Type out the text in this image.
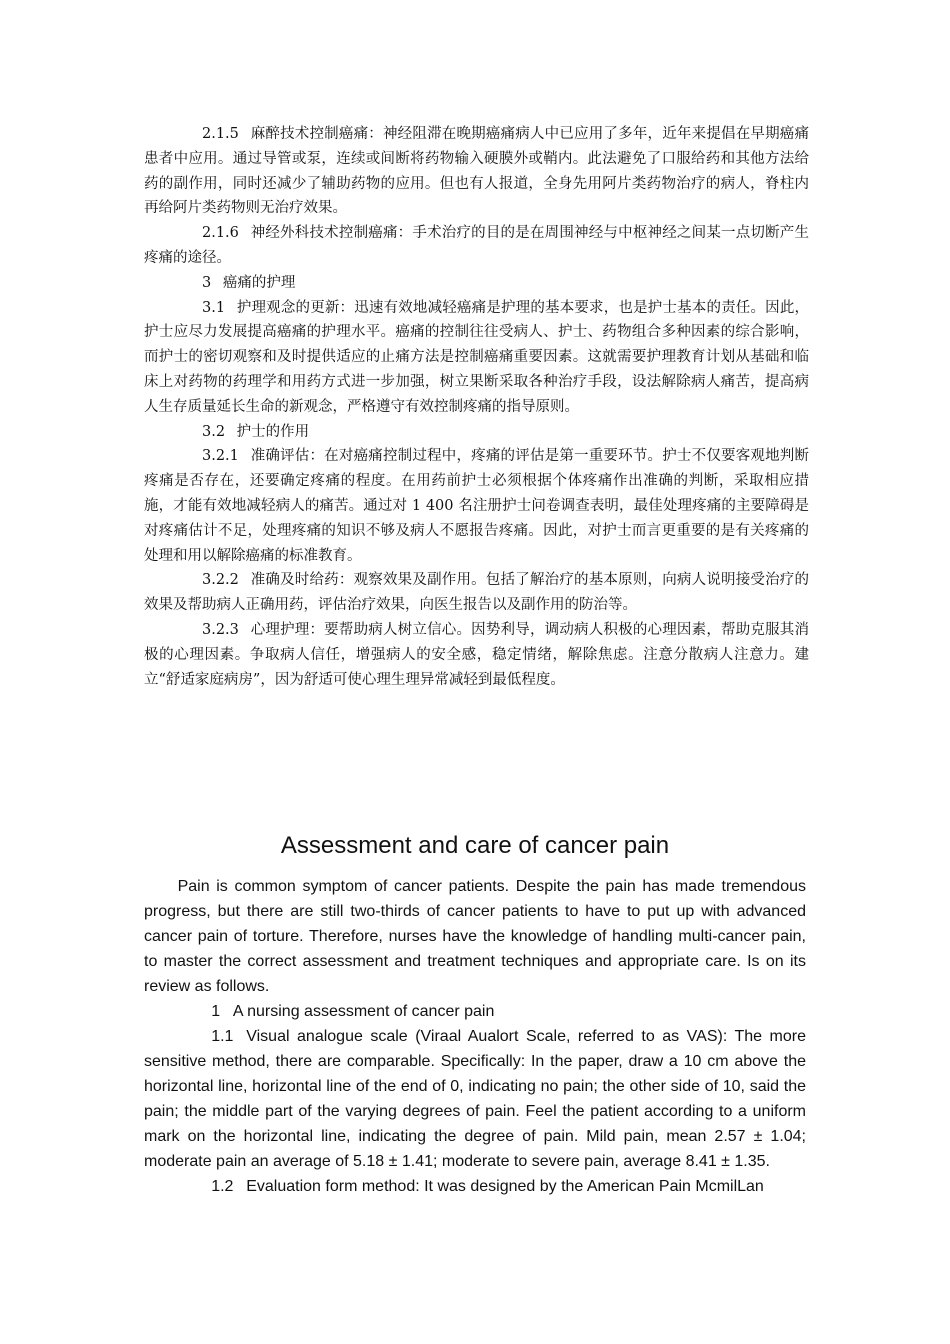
2.1.5 麻醉技术控制癌痛：神经阻滞在晚期癌痛病人中已应用了多年，近年来提倡在早期癌痛患者中应用。通过导管或泵，连续或间断将药物输入硬膜外或鞘内。此法避免了口服给药和其他方法给药的副作用，同时还减少了辅助药物的应用。但也有人报道，全身先用阿片类药物治疗的病人，脊柱内再给阿片类药物则无治疗效果。

2.1.6 神经外科技术控制癌痛：手术治疗的目的是在周围神经与中枢神经之间某一点切断产生疼痛的途径。

3 癌痛的护理

3.1 护理观念的更新：迅速有效地减轻癌痛是护理的基本要求，也是护士基本的责任。因此，护士应尽力发展提高癌痛的护理水平。癌痛的控制往往受病人、护士、药物组合多种因素的综合影响，而护士的密切观察和及时提供适应的止痛方法是控制癌痛重要因素。这就需要护理教育计划从基础和临床上对药物的药理学和用药方式进一步加强，树立果断采取各种治疗手段，设法解除病人痛苦，提高病人生存质量延长生命的新观念，严格遵守有效控制疼痛的指导原则。

3.2 护士的作用

3.2.1 准确评估：在对癌痛控制过程中，疼痛的评估是第一重要环节。护士不仅要客观地判断疼痛是否存在，还要确定疼痛的程度。在用药前护士必须根据个体疼痛作出准确的判断，采取相应措施，才能有效地减轻病人的痛苦。通过对 1 400 名注册护士问卷调查表明，最佳处理疼痛的主要障碍是对疼痛估计不足，处理疼痛的知识不够及病人不愿报告疼痛。因此，对护士而言更重要的是有关疼痛的处理和用以解除癌痛的标准教育。

3.2.2 准确及时给药：观察效果及副作用。包括了解治疗的基本原则，向病人说明接受治疗的效果及帮助病人正确用药，评估治疗效果，向医生报告以及副作用的防治等。

3.2.3 心理护理：要帮助病人树立信心。因势利导，调动病人积极的心理因素，帮助克服其消极的心理因素。争取病人信任，增强病人的安全感，稳定情绪，解除焦虑。注意分散病人注意力。建立“舒适家庭病房”，因为舒适可使心理生理异常减轻到最低程度。

Assessment and care of cancer pain

Pain is common symptom of cancer patients. Despite the pain has made tremendous progress, but there are still two-thirds of cancer patients to have to put up with advanced cancer pain of torture. Therefore, nurses have the knowledge of handling multi-cancer pain, to master the correct assessment and treatment techniques and appropriate care. Is on its review as follows.

1 A nursing assessment of cancer pain

1.1 Visual analogue scale (Viraal Aualort Scale, referred to as VAS): The more sensitive method, there are comparable. Specifically: In the paper, draw a 10 cm above the horizontal line, horizontal line of the end of 0, indicating no pain; the other side of 10, said the pain; the middle part of the varying degrees of pain. Feel the patient according to a uniform mark on the horizontal line, indicating the degree of pain. Mild pain, mean 2.57 ± 1.04; moderate pain an average of 5.18 ± 1.41; moderate to severe pain, average 8.41 ± 1.35.

1.2 Evaluation form method: It was designed by the American Pain McmilLan
